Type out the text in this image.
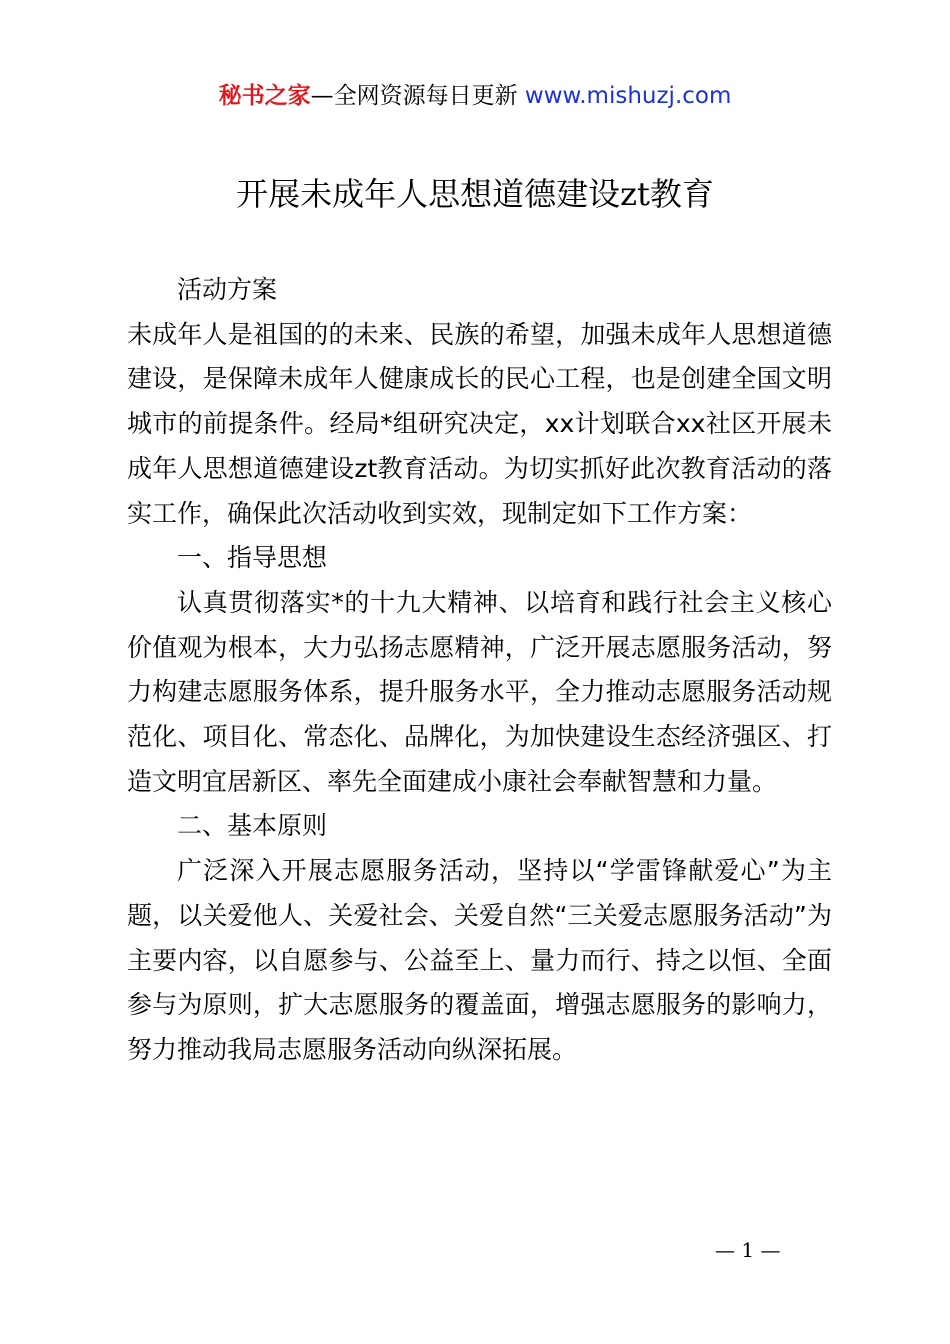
秘书之家—全网资源每日更新 www.mishuzj.com
开展未成年人思想道德建设zt教育

活动方案

未成年人是祖国的的未来、民族的希望，加强未成年人思想道德建设，是保障未成年人健康成长的民心工程，也是创建全国文明城市的前提条件。经局*组研究决定，xx计划联合xx社区开展未成年人思想道德建设zt教育活动。为切实抓好此次教育活动的落实工作，确保此次活动收到实效，现制定如下工作方案：

一、指导思想

认真贯彻落实*的十九大精神、以培育和践行社会主义核心价值观为根本，大力弘扬志愿精神，广泛开展志愿服务活动，努力构建志愿服务体系，提升服务水平，全力推动志愿服务活动规范化、项目化、常态化、品牌化，为加快建设生态经济强区、打造文明宜居新区、率先全面建成小康社会奉献智慧和力量。

二、基本原则

广泛深入开展志愿服务活动，坚持以“学雷锋献爱心”为主题，以关爱他人、关爱社会、关爱自然“三关爱志愿服务活动”为主要内容，以自愿参与、公益至上、量力而行、持之以恒、全面参与为原则，扩大志愿服务的覆盖面，增强志愿服务的影响力，努力推动我局志愿服务活动向纵深拓展。

— 1 —
